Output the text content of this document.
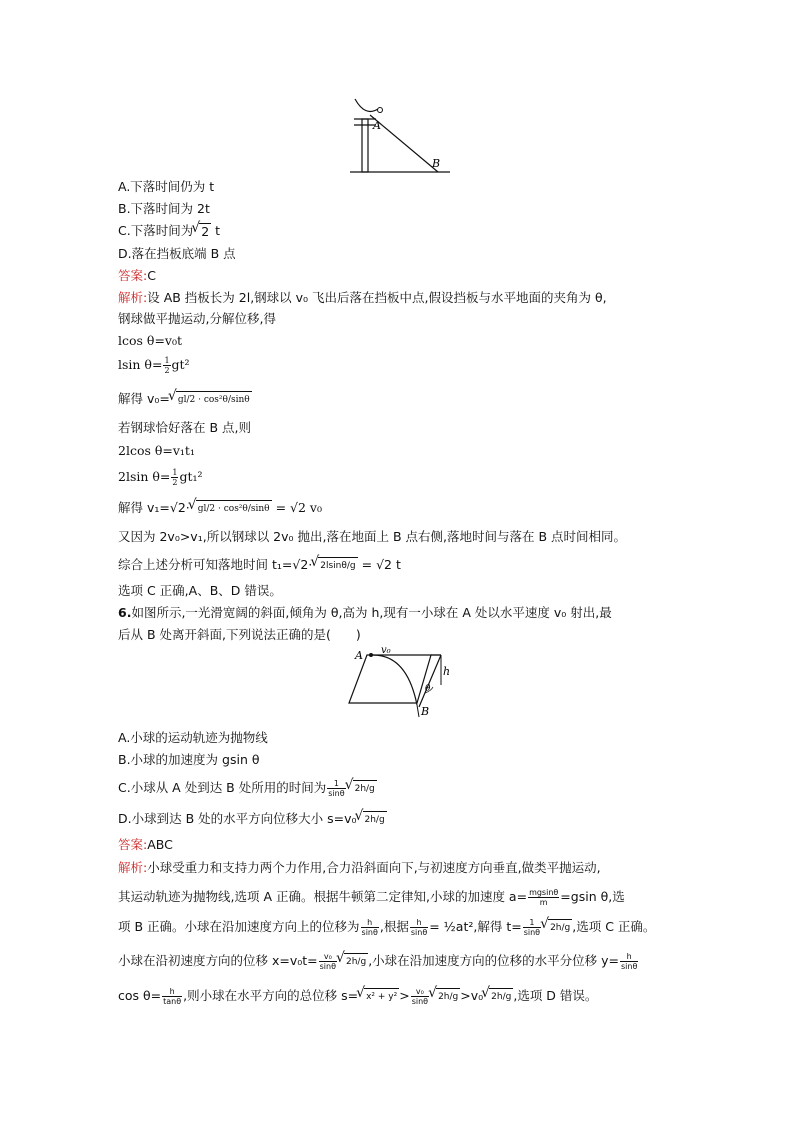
A
B
A.下落时间仍为 t
B.下落时间为 2t
C.下落时间为 √ 2 t
D.落在挡板底端 B 点
答案:C
解析:设 AB 挡板长为 2l,钢球以 v₀ 飞出后落在挡板中点,假设挡板与水平地面的夹角为 θ,
钢球做平抛运动,分解位移,得
lcos θ=v₀t
lsin $\theta= \frac{1}{2} gt^2$
解得 v₀= √ gl/2 · cos²θ/sinθ
若钢球恰好落在 B 点,则
2lcos θ=v₁t₁
2lsin $\theta= \frac{1}{2} gt_1^2$
解得 v₁=√2· √ gl/2 · cos²θ/sinθ = √2 v₀
又因为 2v₀>v₁,所以钢球以 2v₀ 抛出,落在地面上 B 点右侧,落地时间与落在 B 点时间相同。
综合上述分析可知落地时间 t₁=√2· √ 2lsinθ/g = √2 t
选项 C 正确,A、B、D 错误。
6.如图所示,一光滑宽阔的斜面,倾角为 θ,高为 h,现有一小球在 A 处以水平速度 v₀ 射出,最
后从 B 处离开斜面,下列说法正确的是(　　)
A v₀
h
θ
B
A.小球的运动轨迹为抛物线
B.小球的加速度为 gsin θ
C.小球从 A 处到达 B 处所用的时间为 $\frac{1}{\sin\theta}$ √ 2h/g
D.小球到达 B 处的水平方向位移大小 s=v₀ √ 2h/g
答案:ABC
解析:小球受重力和支持力两个力作用,合力沿斜面向下,与初速度方向垂直,做类平抛运动,
其运动轨迹为抛物线,选项 A 正确。根据牛顿第二定律知,小球的加速度 $a= \frac{mgsin\theta}{m} =gsin$ θ,选
项 B 正确。小球在沿加速度方向上的位移为 $\frac{h}{\sin\theta}$ ,根据 $\frac{h}{\sin\theta}$ = ½at²,解得 $t= \frac{1}{\sin\theta}$ √ 2h/g ,选项 C 正确。
小球在沿初速度方向的位移 $x=v_0t= \frac{\text{v₀}}{\sin\theta}$ √ 2h/g ,小球在沿加速度方向的位移的水平分位移 $y= \frac{h}{\sin\theta}$
$\cos \theta= \frac{h}{\tan\theta}$ ,则小球在水平方向的总位移 s= √ $x^2 + y^2 > \frac{\text{v₀}}{\sin\theta}$ √ 2h/g >v₀ √ 2h/g ,选项 D 错误。
